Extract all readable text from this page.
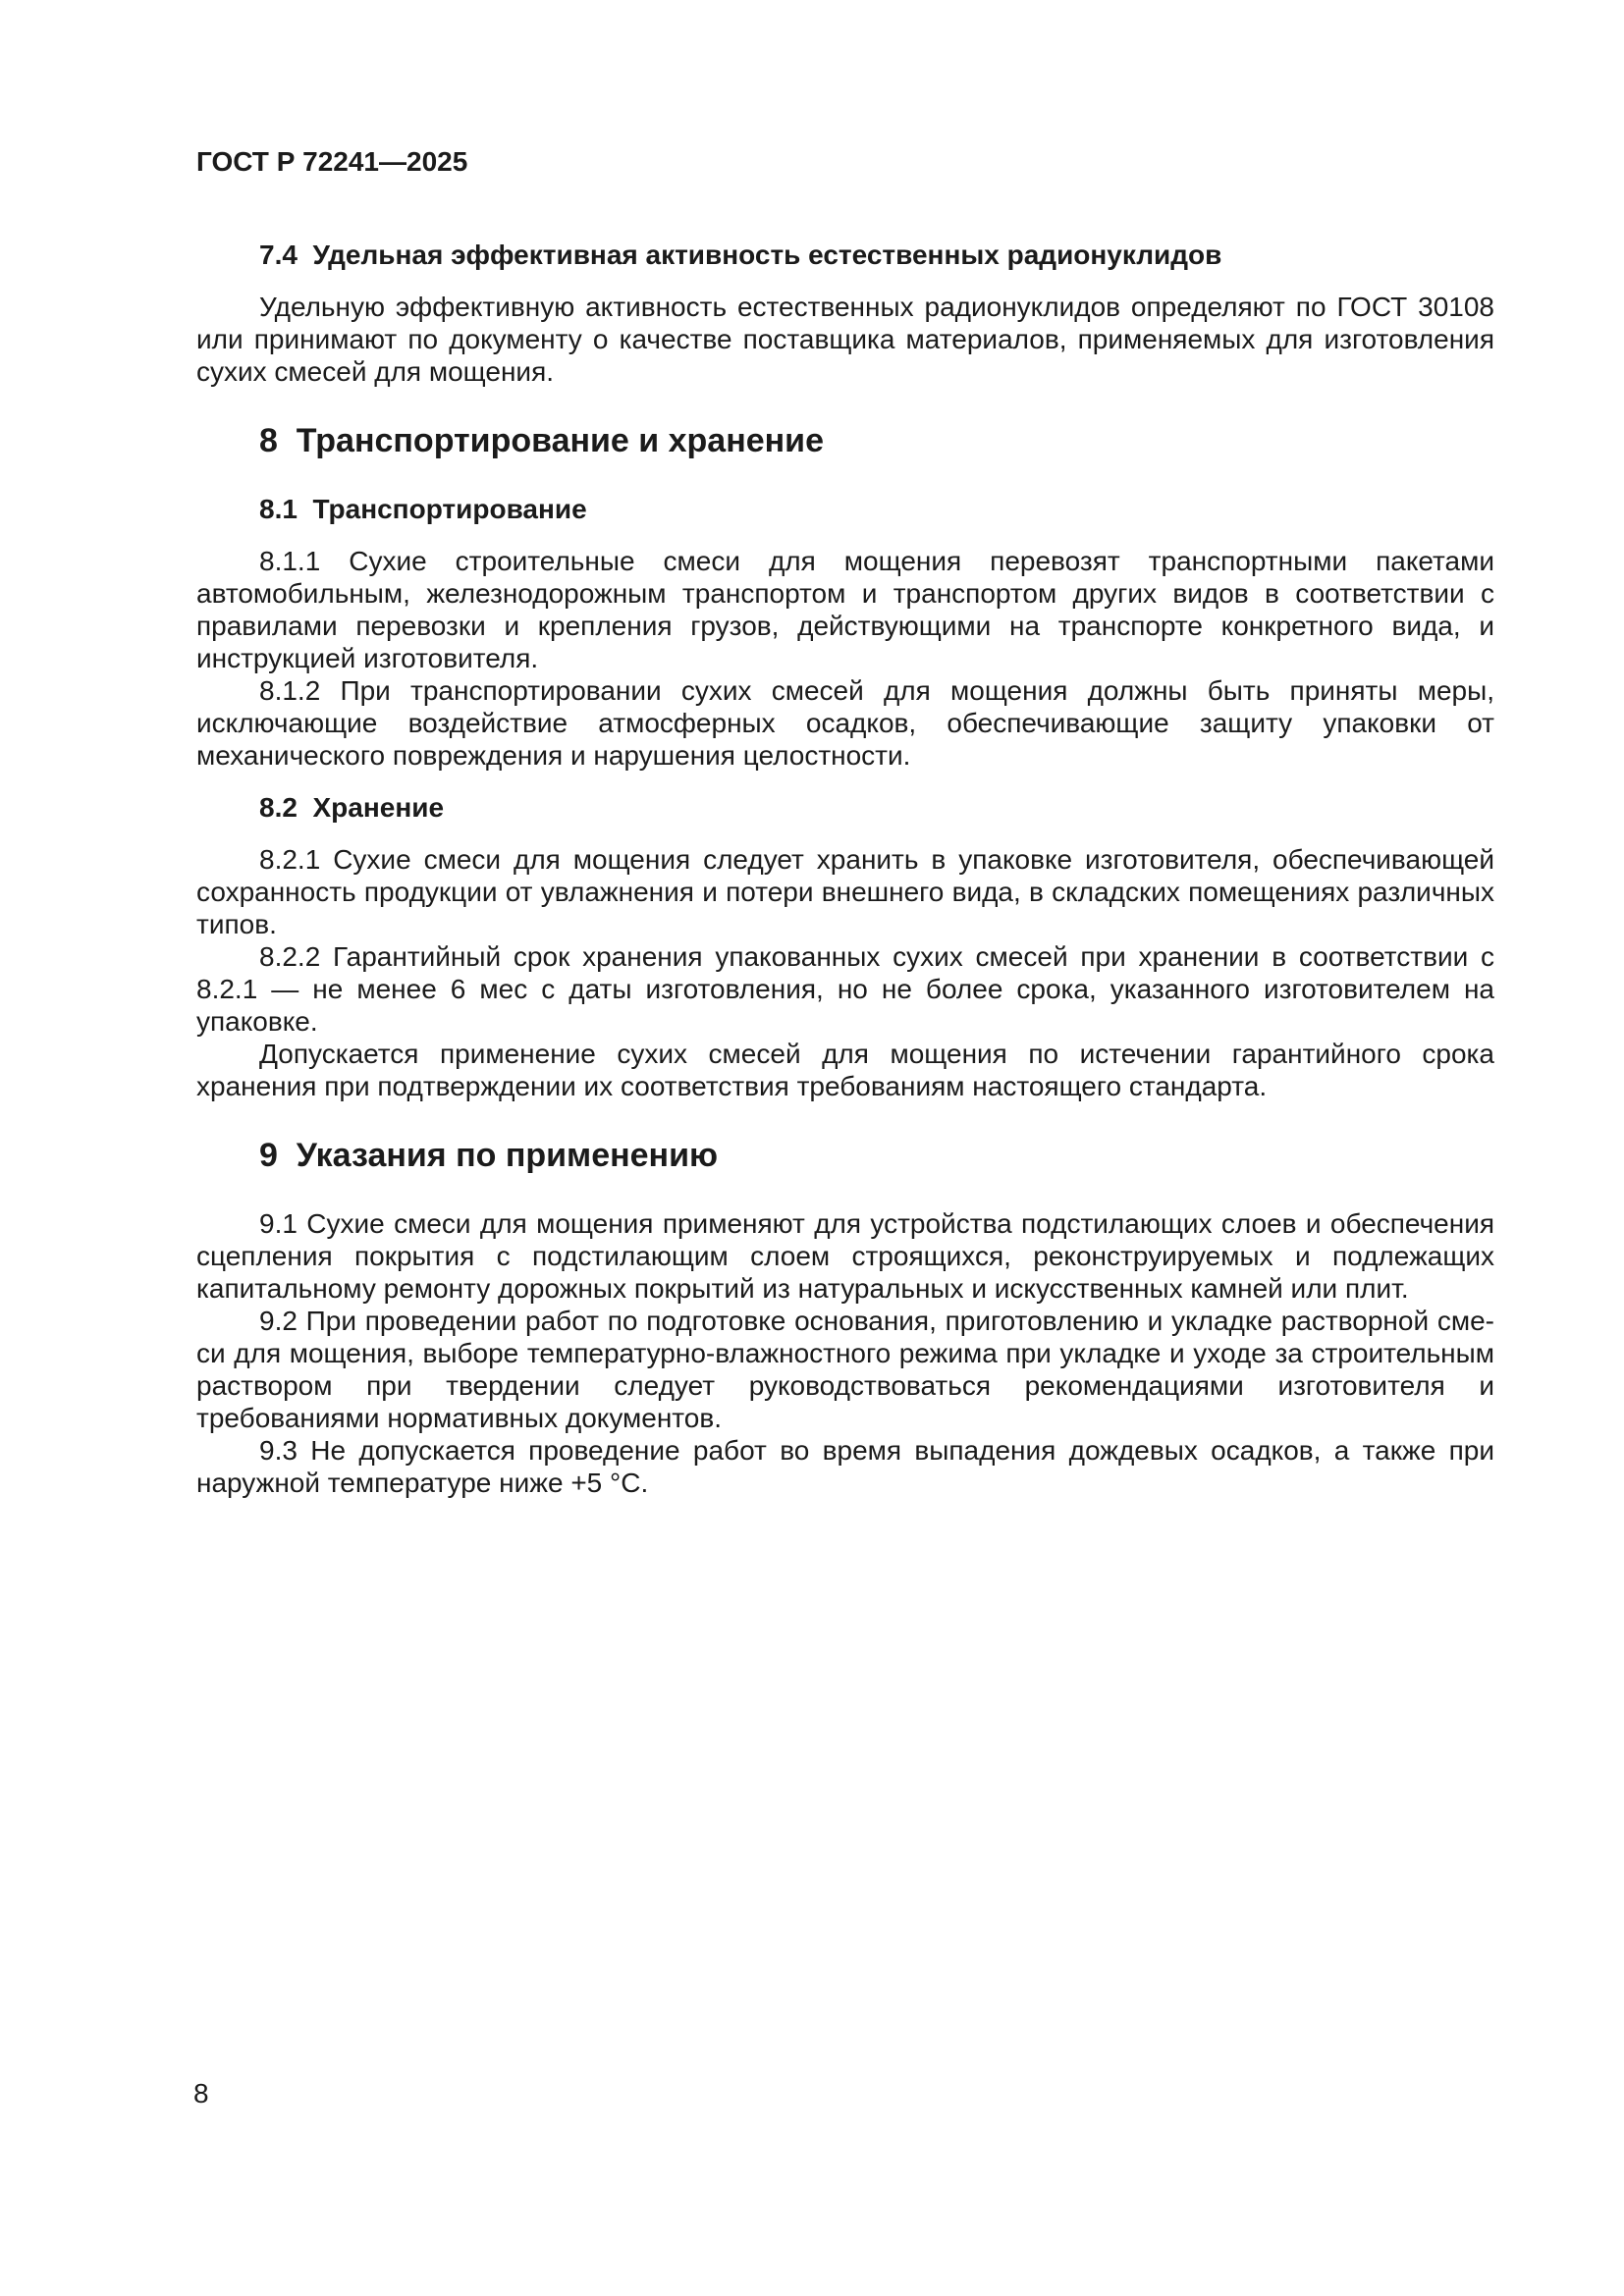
ГОСТ Р 72241—2025
7.4  Удельная эффективная активность естественных радионуклидов

Удельную эффективную активность естественных радионуклидов определяют по ГОСТ 30108 или принимают по документу о качестве поставщика материалов, применяемых для изготовления сухих смесей для мощения.

8  Транспортирование и хранение
8.1  Транспортирование

8.1.1 Сухие строительные смеси для мощения перевозят транспортными пакетами автомобильным, железнодорожным транспортом и транспортом других видов в соответствии с правилами перевозки и крепления грузов, действующими на транспорте конкретного вида, и инструкцией изготовителя.

8.1.2 При транспортировании сухих смесей для мощения должны быть приняты меры, исключающие воздействие атмосферных осадков, обеспечивающие защиту упаковки от механического повреждения и нарушения целостности.

8.2  Хранение

8.2.1 Сухие смеси для мощения следует хранить в упаковке изготовителя, обеспечивающей сохранность продукции от увлажнения и потери внешнего вида, в складских помещениях различных типов.

8.2.2 Гарантийный срок хранения упакованных сухих смесей при хранении в соответствии с 8.2.1 — не менее 6 мес с даты изготовления, но не более срока, указанного изготовителем на упаковке.

Допускается применение сухих смесей для мощения по истечении гарантийного срока хранения при подтверждении их соответствия требованиям настоящего стандарта.

9  Указания по применению

9.1 Сухие смеси для мощения применяют для устройства подстилающих слоев и обеспечения сцепления покрытия с подстилающим слоем строящихся, реконструируемых и подлежащих капитальному ремонту дорожных покрытий из натуральных и искусственных камней или плит.

9.2 При проведении работ по подготовке основания, приготовлению и укладке растворной смеси для мощения, выборе температурно-влажностного режима при укладке и уходе за строительным раствором при твердении следует руководствоваться рекомендациями изготовителя и требованиями нормативных документов.

9.3 Не допускается проведение работ во время выпадения дождевых осадков, а также при наружной температуре ниже +5 °С.

8
